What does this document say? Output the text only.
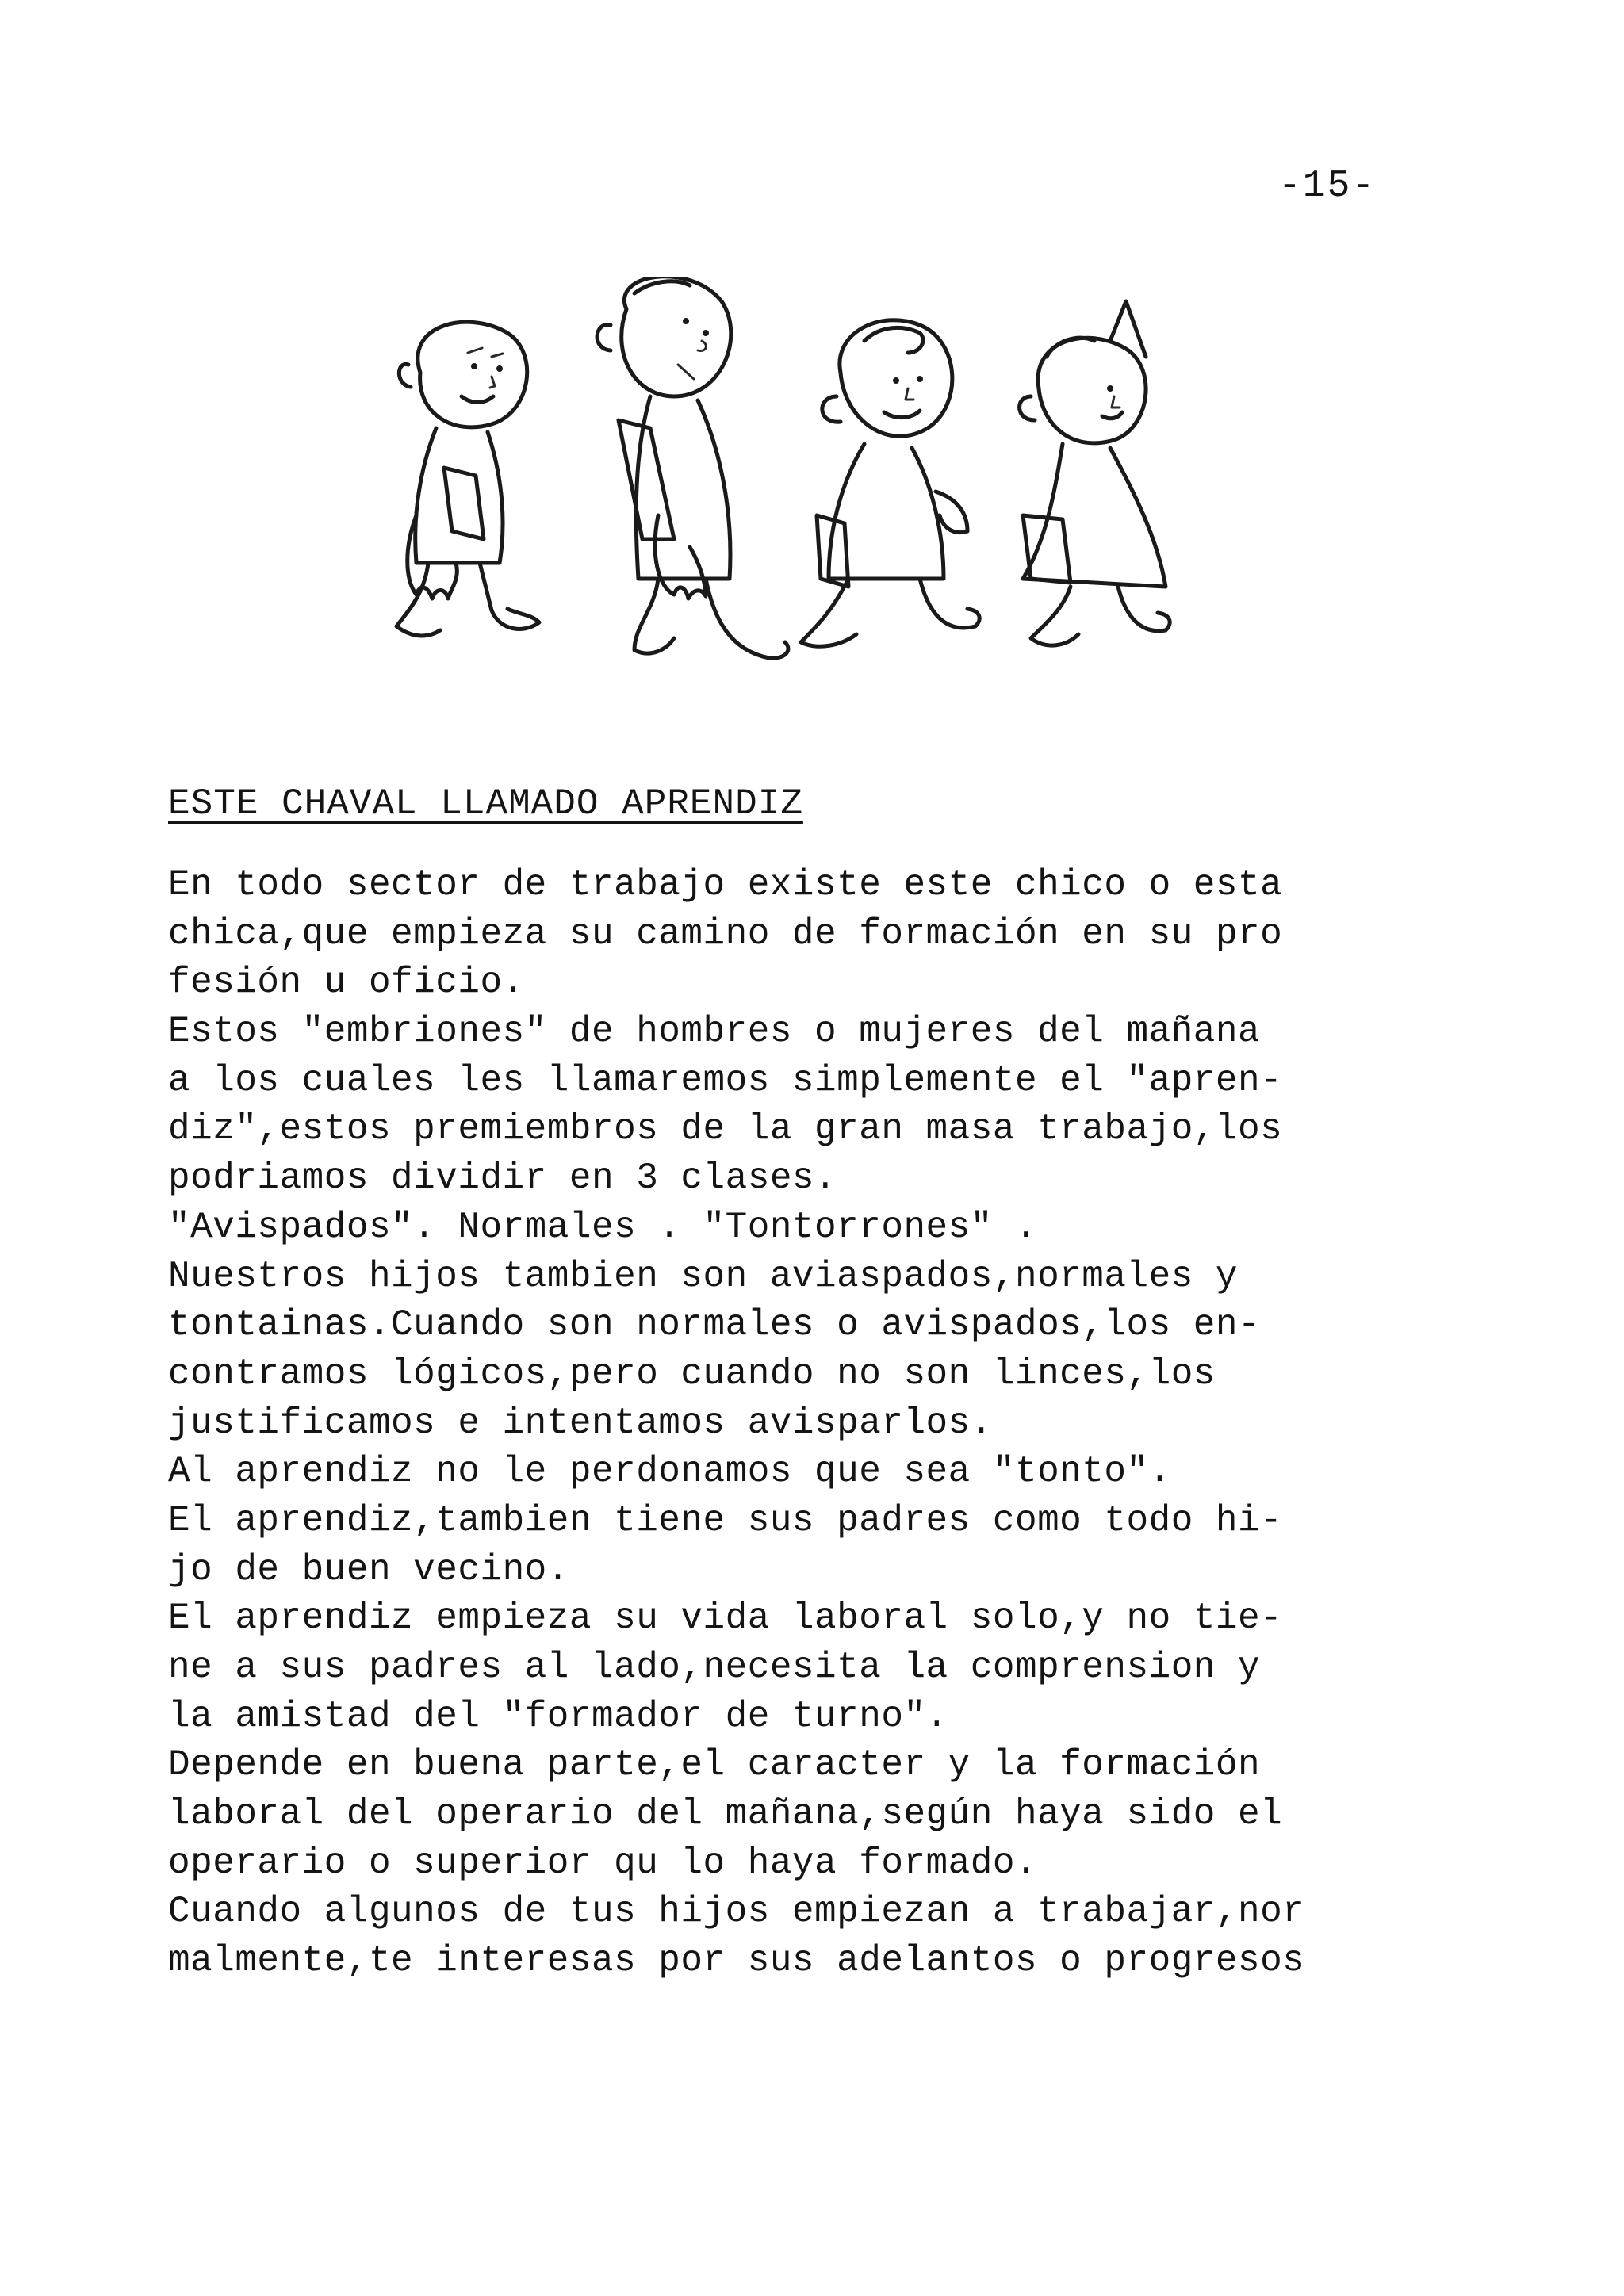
-15-
ESTE CHAVAL LLAMADO APRENDIZ
En todo sector de trabajo existe este chico o esta
chica,que empieza su camino de formación en su pro
fesión u oficio.
Estos "embriones" de hombres o mujeres del mañana
a los cuales les llamaremos simplemente el "apren-
diz",estos premiembros de la gran masa trabajo,los
podriamos dividir en 3 clases.
"Avispados". Normales . "Tontorrones" .
Nuestros hijos tambien son aviaspados,normales y
tontainas.Cuando son normales o avispados,los en-
contramos lógicos,pero cuando no son linces,los
justificamos e intentamos avisparlos.
Al aprendiz no le perdonamos que sea "tonto".
El aprendiz,tambien tiene sus padres como todo hi-
jo de buen vecino.
El aprendiz empieza su vida laboral solo,y no tie-
ne a sus padres al lado,necesita la comprension y
la amistad del "formador de turno".
Depende en buena parte,el caracter y la formación
laboral del operario del mañana,según haya sido el
operario o superior qu lo haya formado.
Cuando algunos de tus hijos empiezan a trabajar,nor
malmente,te interesas por sus adelantos o progresos
